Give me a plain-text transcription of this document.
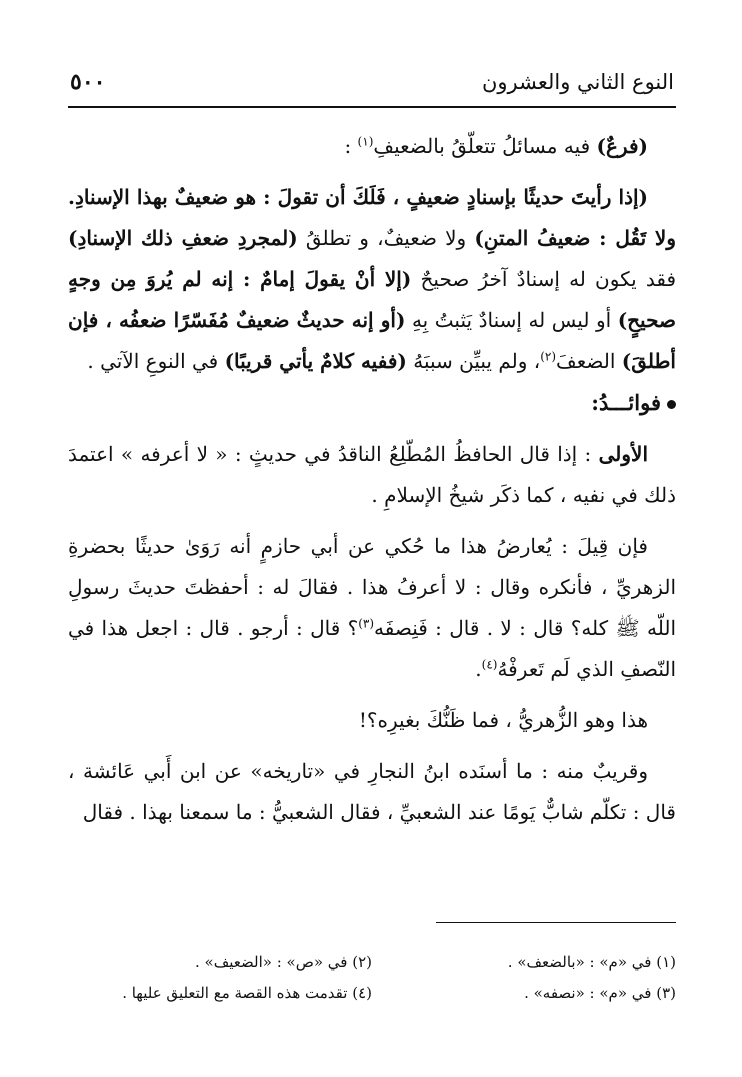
النوع الثاني والعشرون
٥٠٠

(فرعٌ) فيه مسائلُ تتعلّقُ بالضعيفِ$^{(١)}$ :

(إذا رأيتَ حديثًا بإسنادٍ ضعيفٍ ، فَلَكَ أن تقولَ : هو ضعيفٌ بهذا الإسنادِ. ولا تَقُل : ضعيفُ المتنِ) ولا ضعيفٌ، و تطلقُ (لمجردِ ضعفِ ذلك الإسنادِ) فقد يكون له إسنادٌ آخرُ صحيحٌ (إلا أنْ يقولَ إمامٌ : إنه لم يُروَ مِن وجهٍ صحيحٍ) أو ليس له إسنادٌ يَثبتُ بِهِ (أو إنه حديثٌ ضعيفٌ مُفَسّرًا ضعفُه ، فإن أطلقَ) الضعفَ$^{(٢)}$، ولم يبيِّن سببَهُ (ففيه كلامٌ يأتي قريبًا) في النوعِ الآتي .

فوائـــدُ:

الأولى : إذا قال الحافظُ المُطّلِعُ الناقدُ في حديثٍ : « لا أعرفه » اعتمدَ ذلك في نفيه ، كما ذكَر شيخُ الإسلامِ .

فإن قِيلَ : يُعارضُ هذا ما حُكي عن أبي حازمٍ أنه رَوَىٰ حديثًا بحضرةِ الزهريِّ ، فأنكره وقال : لا أعرفُ هذا . فقالَ له : أحفظتَ حديثَ رسولِ اللّه ﷺ كله؟ قال : لا . قال : فَنِصفَه$^{(٣)}$؟ قال : أرجو . قال : اجعل هذا في النّصفِ الذي لَم تَعرفْهُ$^{(٤)}$.

هذا وهو الزُّهريُّ ، فما ظَنُّكَ بغيرِه؟!

وقريبٌ منه : ما أسنَده ابنُ النجارِ في «تاريخه» عن ابن أَبي عَائشة ، قال : تكلّم شابٌّ يَومًا عند الشعبيِّ ، فقال الشعبيُّ : ما سمعنا بهذا . فقال

(١) في «م» : «بالضعف» .
(٢) في «ص» : «الضعيف» .
(٣) في «م» : «نصفه» .
(٤) تقدمت هذه القصة مع التعليق عليها .
